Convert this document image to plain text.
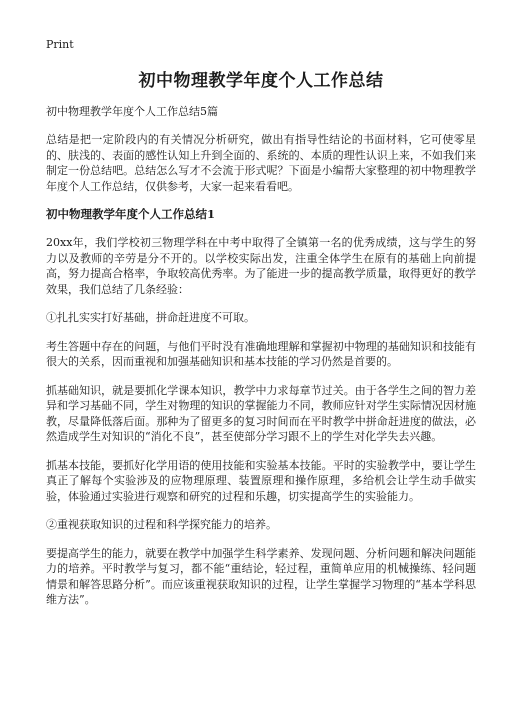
Print
初中物理教学年度个人工作总结
初中物理教学年度个人工作总结5篇

总结是把一定阶段内的有关情况分析研究，做出有指导性结论的书面材料，它可使零星的、肤浅的、表面的感性认知上升到全面的、系统的、本质的理性认识上来，不如我们来制定一份总结吧。总结怎么写才不会流于形式呢？下面是小编帮大家整理的初中物理教学年度个人工作总结，仅供参考，大家一起来看看吧。

初中物理教学年度个人工作总结1

20xx年，我们学校初三物理学科在中考中取得了全镇第一名的优秀成绩，这与学生的努力以及教师的辛劳是分不开的。以学校实际出发，注重全体学生在原有的基础上向前提高，努力提高合格率，争取较高优秀率。为了能进一步的提高教学质量，取得更好的教学效果，我们总结了几条经验：

①扎扎实实打好基础，拼命赶进度不可取。

考生答题中存在的问题，与他们平时没有准确地理解和掌握初中物理的基础知识和技能有很大的关系，因而重视和加强基础知识和基本技能的学习仍然是首要的。

抓基础知识，就是要抓化学课本知识，教学中力求每章节过关。由于各学生之间的智力差异和学习基础不同，学生对物理的知识的掌握能力不同，教师应针对学生实际情况因材施教，尽量降低落后面。那种为了留更多的复习时间而在平时教学中拼命赶进度的做法，必然造成学生对知识的“消化不良”，甚至使部分学习跟不上的学生对化学失去兴趣。

抓基本技能，要抓好化学用语的使用技能和实验基本技能。平时的实验教学中，要让学生真正了解每个实验涉及的应物理原理、装置原理和操作原理，多给机会让学生动手做实验，体验通过实验进行观察和研究的过程和乐趣，切实提高学生的实验能力。

②重视获取知识的过程和科学探究能力的培养。

要提高学生的能力，就要在教学中加强学生科学素养、发现问题、分析问题和解决问题能力的培养。平时教学与复习，都不能“重结论，轻过程，重简单应用的机械操练、轻问题情景和解答思路分析”。而应该重视获取知识的过程，让学生掌握学习物理的“基本学科思维方法”。
